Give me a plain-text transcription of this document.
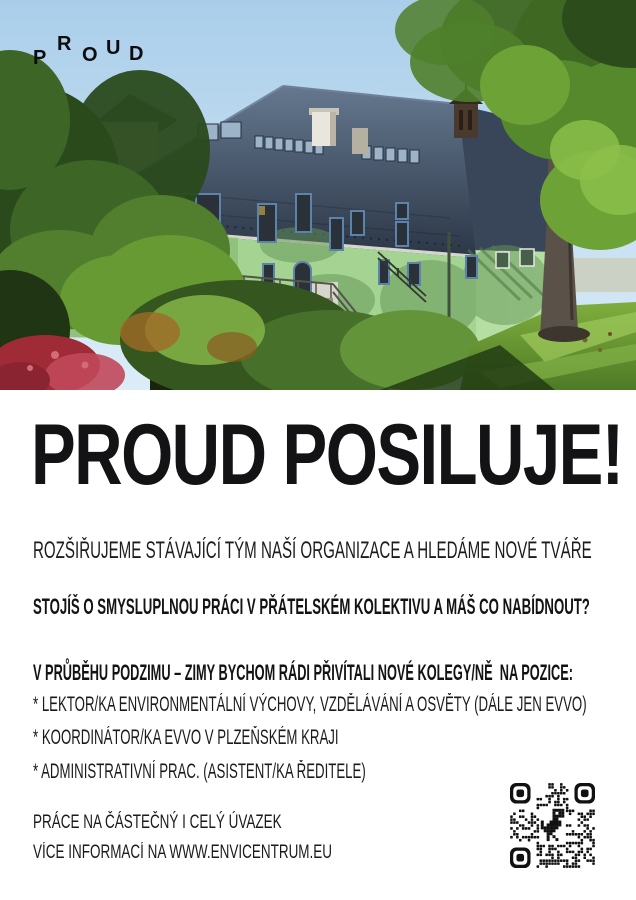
P
R O U D
PROUD POSILUJE!
ROZŠIŘUJEME STÁVAJÍCÍ TÝM NAŠÍ ORGANIZACE A HLEDÁME NOVÉ TVÁŘE
STOJÍŠ O SMYSLUPLNOU PRÁCI V PŘÁTELSKÉM KOLEKTIVU A MÁŠ CO NABÍDNOUT?
V PRŮBĚHU PODZIMU – ZIMY BYCHOM RÁDI PŘIVÍTALI NOVÉ KOLEGY/NĚ  NA POZICE:
* LEKTOR/KA ENVIRONMENTÁLNÍ VÝCHOVY, VZDĚLÁVÁNÍ A OSVĚTY (DÁLE JEN EVVO)
* KOORDINÁTOR/KA EVVO V PLZEŇSKÉM KRAJI
* ADMINISTRATIVNÍ PRAC. (ASISTENT/KA ŘEDITELE)
PRÁCE NA ČÁSTEČNÝ I CELÝ ÚVAZEK
VÍCE INFORMACÍ NA WWW.ENVICENTRUM.EU
